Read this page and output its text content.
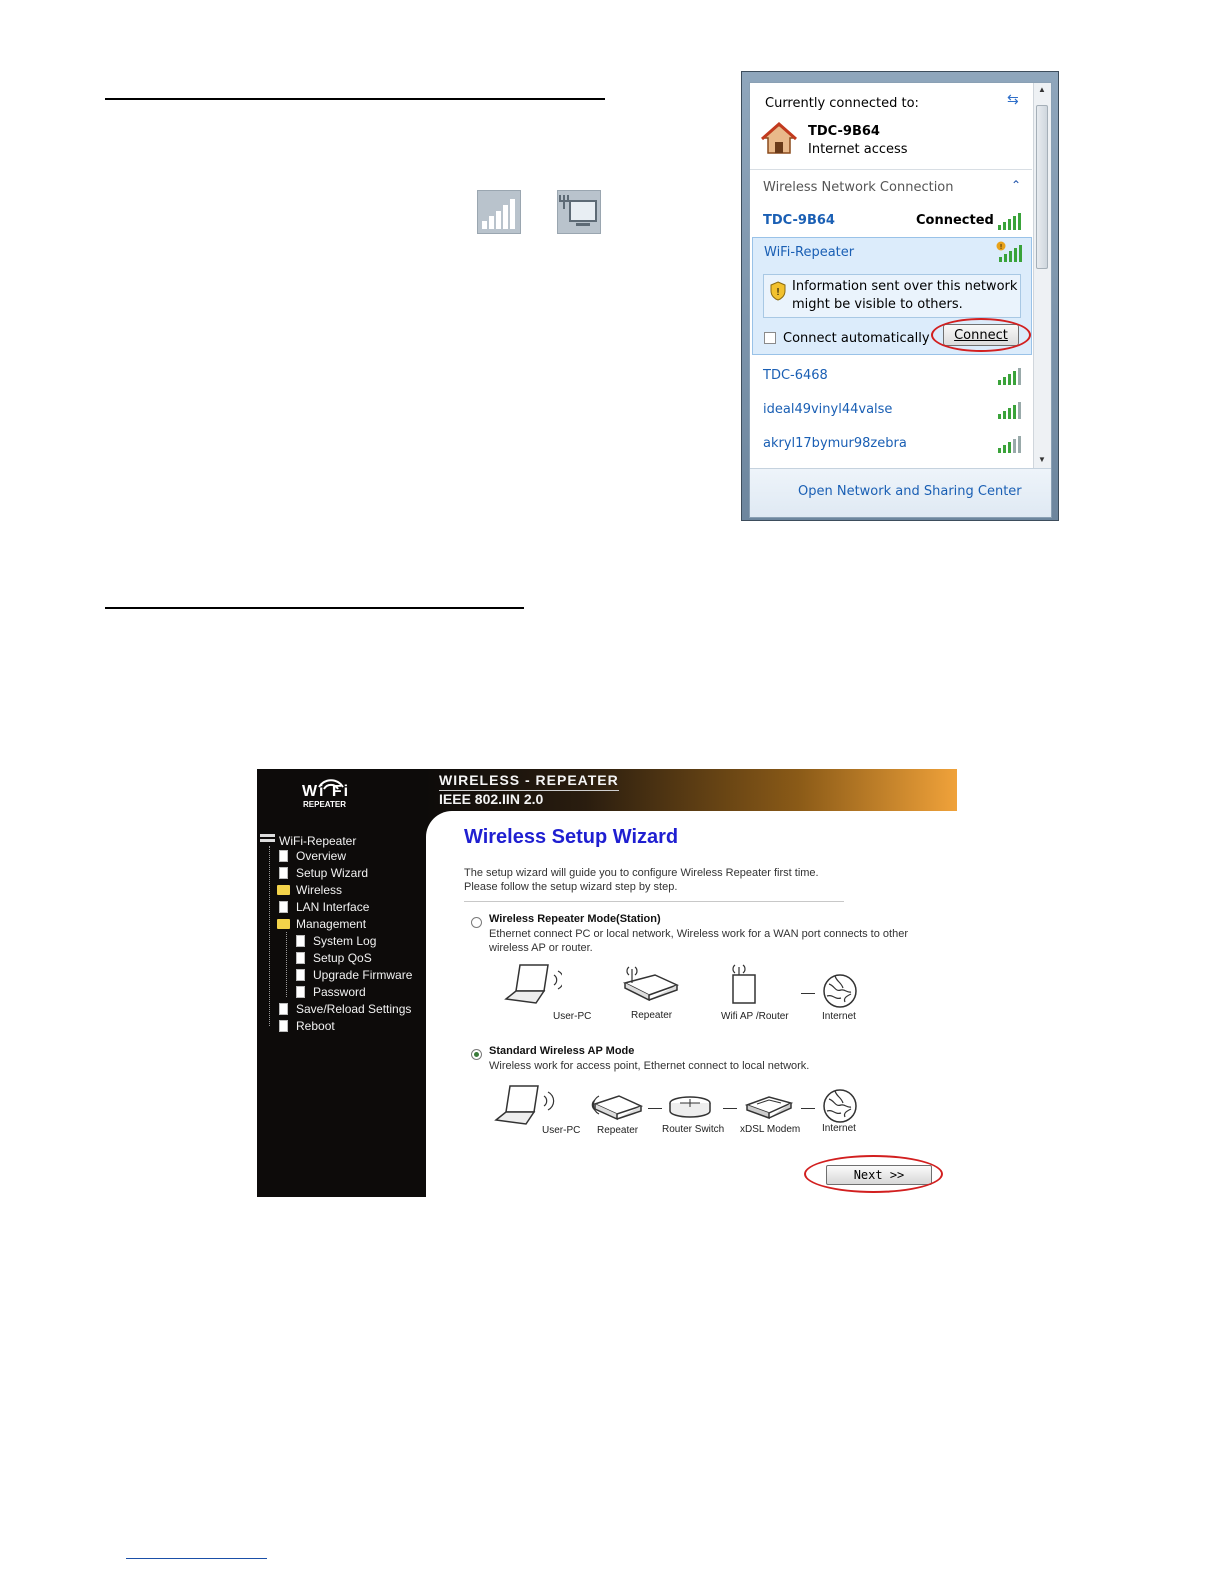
Currently connected to:	⇆
TDC-9B64
Internet access
Wireless Network Connection	⌃
TDC-9B64	Connected
WiFi-Repeater	!
! Information sent over this network
might be visible to others.
Connect automatically	Connect
TDC-6468
ideal49vinyl44valse
akryl17bymur98zebra
▲
▼
Open Network and Sharing Center
Wi Fi
REPEATER
WiFi-Repeater
Overview
Setup Wizard
Wireless
LAN Interface
Management
System Log
Setup QoS
Upgrade Firmware
Password
Save/Reload Settings
Reboot
WIRELESS - REPEATER
IEEE 802.IIN 2.0
Wireless Setup Wizard
The setup wizard will guide you to configure Wireless Repeater first time.
Please follow the setup wizard step by step.
Wireless Repeater Mode(Station)
Ethernet connect PC or local network, Wireless work for a WAN port connects to other
wireless AP or router.
User-PC	Repeater	Wifi AP /Router	Internet
Standard Wireless AP Mode
Wireless work for access point, Ethernet connect to local network.
User-PC Repeater Router Switch xDSL Modem Internet
Next >>
